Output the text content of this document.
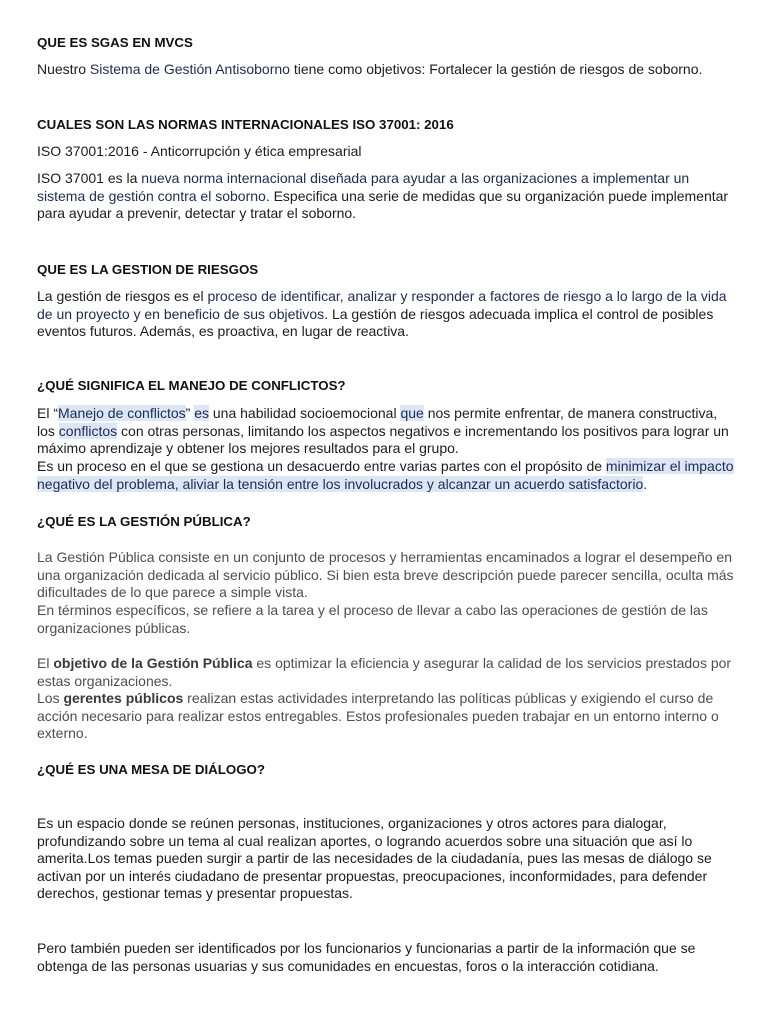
QUE ES SGAS EN MVCS

Nuestro Sistema de Gestión Antisoborno tiene como objetivos: Fortalecer la gestión de riesgos de soborno.

CUALES SON LAS NORMAS INTERNACIONALES ISO 37001: 2016

ISO 37001:2016 - Anticorrupción y ética empresarial

ISO 37001 es la nueva norma internacional diseñada para ayudar a las organizaciones a implementar un sistema de gestión contra el soborno. Especifica una serie de medidas que su organización puede implementar para ayudar a prevenir, detectar y tratar el soborno.

QUE ES LA GESTION DE RIESGOS

La gestión de riesgos es el proceso de identificar, analizar y responder a factores de riesgo a lo largo de la vida de un proyecto y en beneficio de sus objetivos. La gestión de riesgos adecuada implica el control de posibles eventos futuros. Además, es proactiva, en lugar de reactiva.

¿QUÉ SIGNIFICA EL MANEJO DE CONFLICTOS?

El “Manejo de conflictos” es una habilidad socioemocional que nos permite enfrentar, de manera constructiva, los conflictos con otras personas, limitando los aspectos negativos e incrementando los positivos para lograr un máximo aprendizaje y obtener los mejores resultados para el grupo.

Es un proceso en el que se gestiona un desacuerdo entre varias partes con el propósito de minimizar el impacto negativo del problema, aliviar la tensión entre los involucrados y alcanzar un acuerdo satisfactorio.

¿QUÉ ES LA GESTIÓN PÚBLICA?

La Gestión Pública consiste en un conjunto de procesos y herramientas encaminados a lograr el desempeño en una organización dedicada al servicio público. Si bien esta breve descripción puede parecer sencilla, oculta más dificultades de lo que parece a simple vista.

En términos específicos, se refiere a la tarea y el proceso de llevar a cabo las operaciones de gestión de las organizaciones públicas.

El objetivo de la Gestión Pública es optimizar la eficiencia y asegurar la calidad de los servicios prestados por estas organizaciones.

Los gerentes públicos realizan estas actividades interpretando las políticas públicas y exigiendo el curso de acción necesario para realizar estos entregables. Estos profesionales pueden trabajar en un entorno interno o externo.

¿QUÉ ES UNA MESA DE DIÁLOGO?

Es un espacio donde se reúnen personas, instituciones, organizaciones y otros actores para dialogar, profundizando sobre un tema al cual realizan aportes, o logrando acuerdos sobre una situación que así lo amerita.Los temas pueden surgir a partir de las necesidades de la ciudadanía, pues las mesas de diálogo se activan por un interés ciudadano de presentar propuestas, preocupaciones, inconformidades, para defender derechos, gestionar temas y presentar propuestas.

Pero también pueden ser identificados por los funcionarios y funcionarias a partir de la información que se obtenga de las personas usuarias y sus comunidades en encuestas, foros o la interacción cotidiana.
